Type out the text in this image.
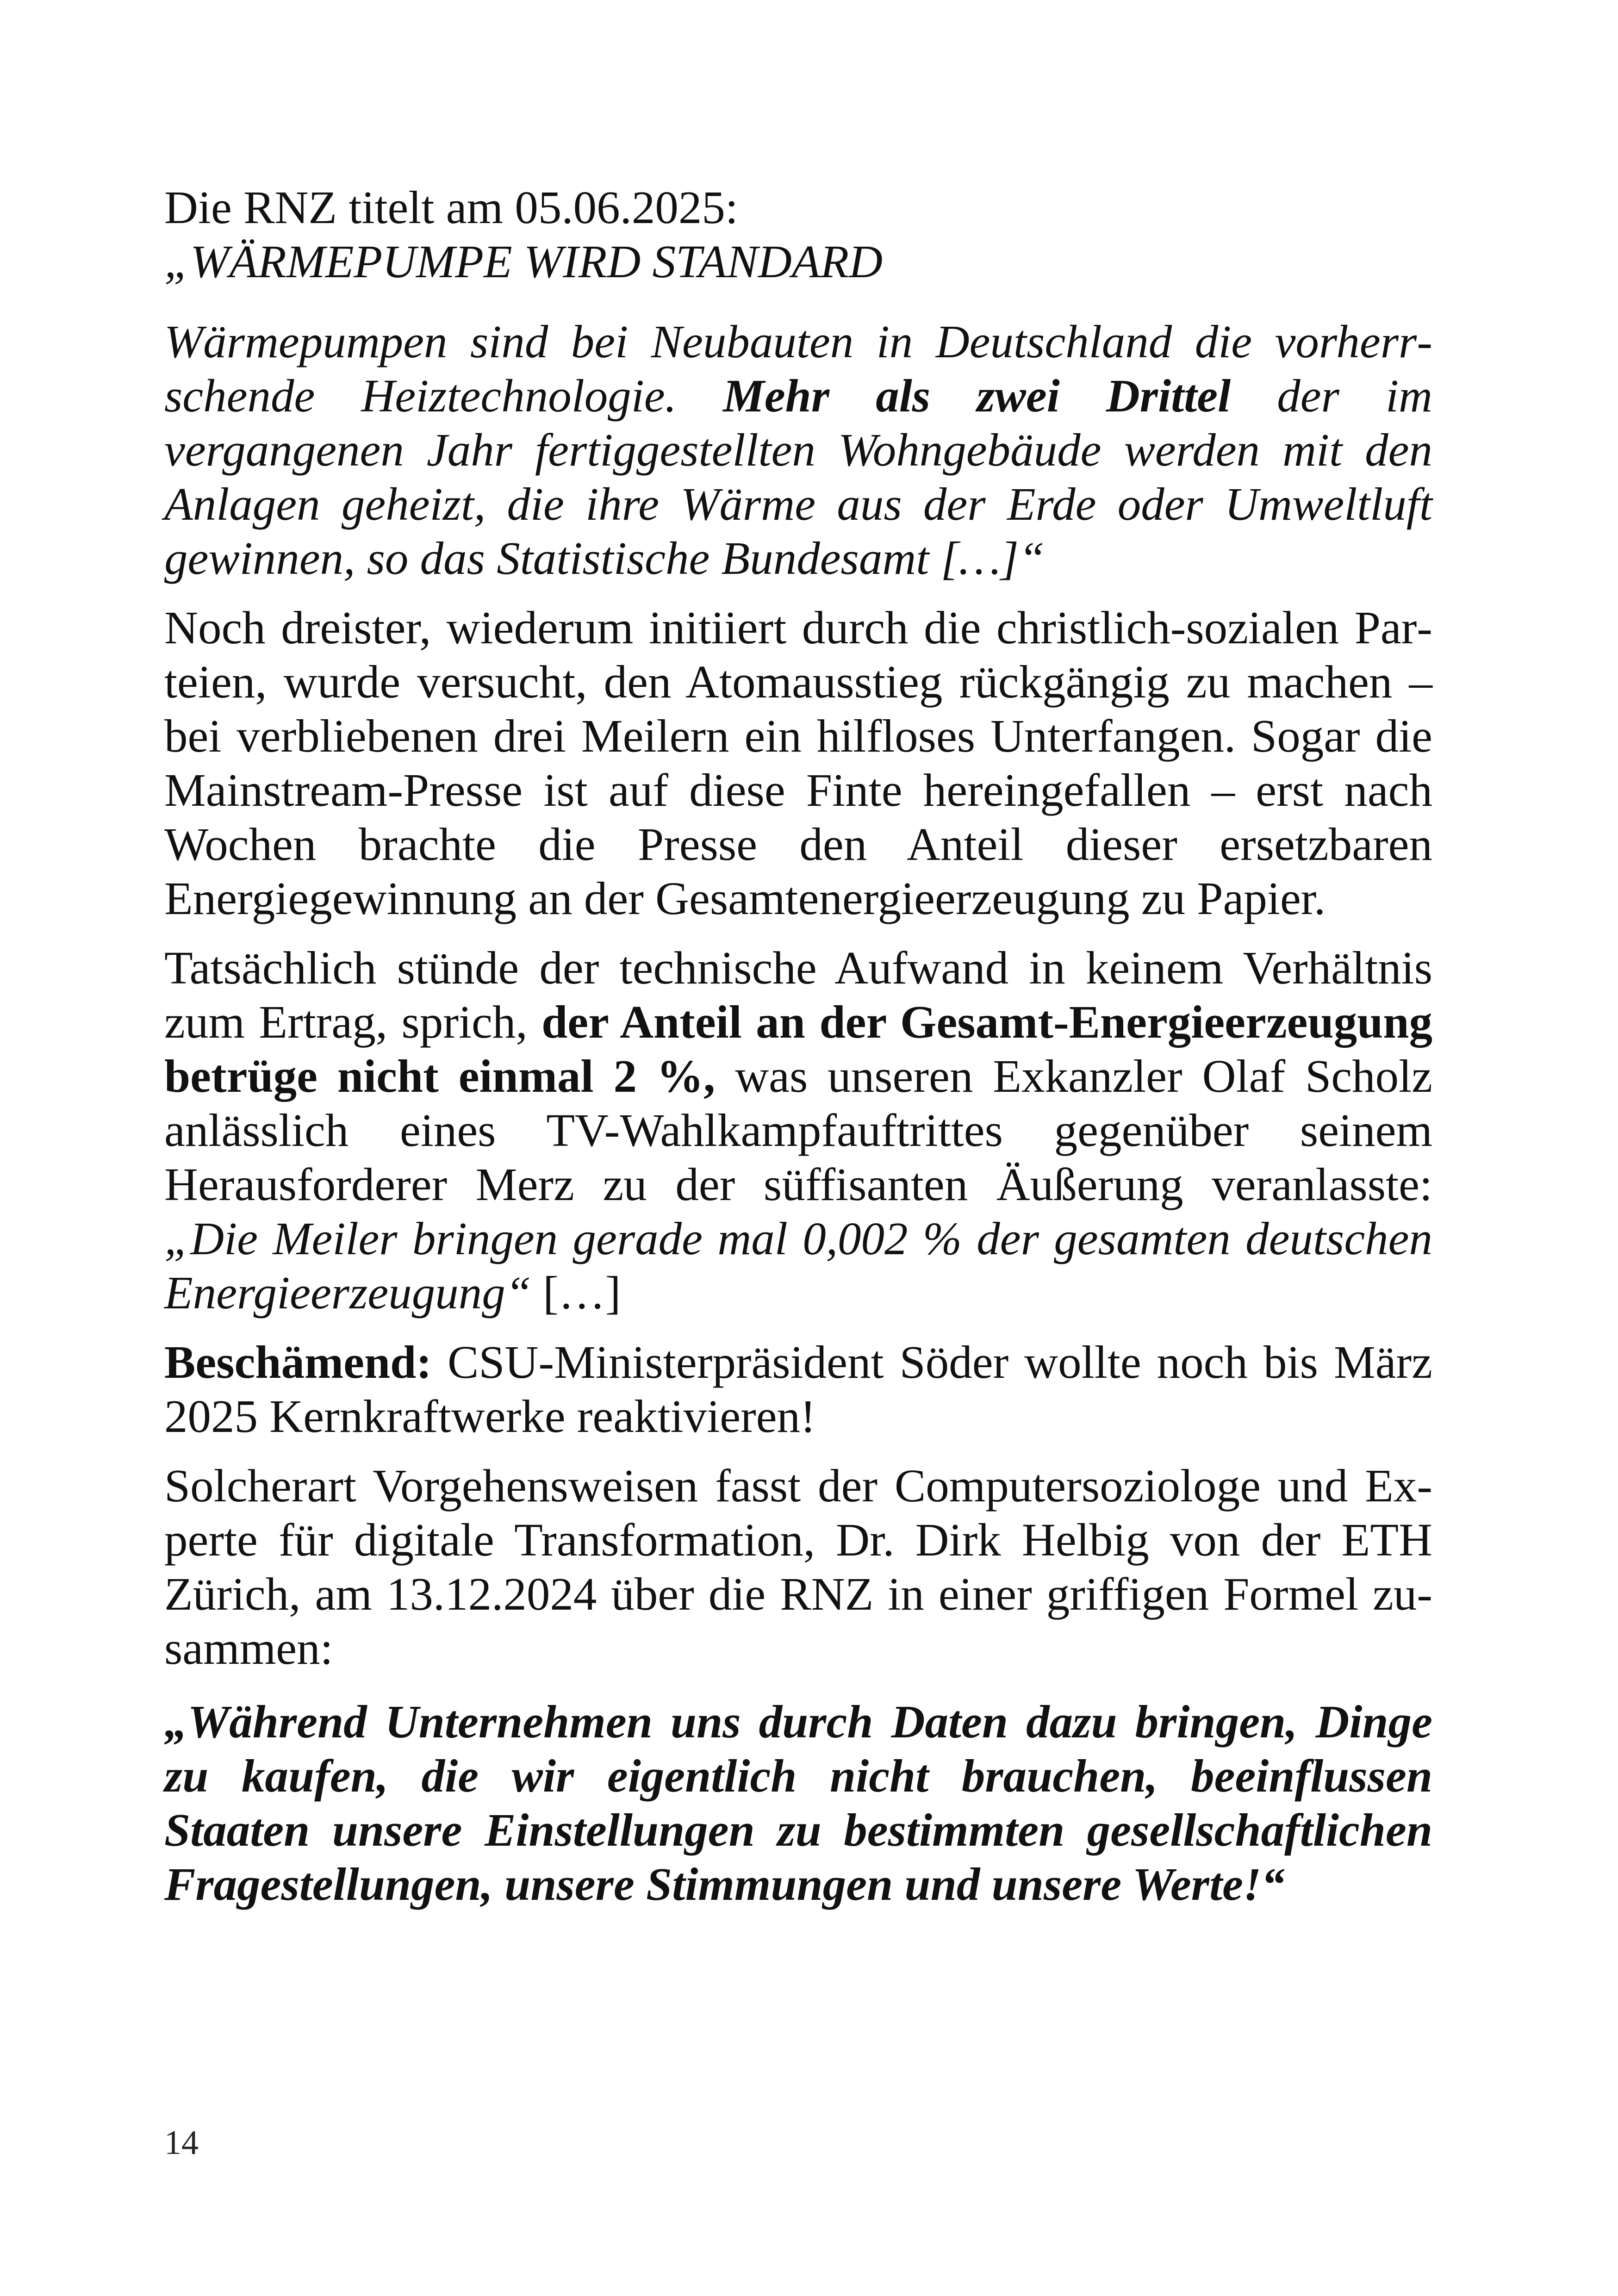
Die RNZ titelt am 05.06.2025:
„WÄRMEPUMPE WIRD STANDARD

Wärmepumpen sind bei Neubauten in Deutschland die vorherrschende Heiztechnologie. Mehr als zwei Drittel der im vergangenen Jahr fertiggestellten Wohngebäude werden mit den Anlagen geheizt, die ihre Wärme aus der Erde oder Umweltluft gewinnen, so das Statistische Bundesamt […]“

Noch dreister, wiederum initiiert durch die christlich-sozialen Parteien, wurde versucht, den Atomausstieg rückgängig zu machen – bei verbliebenen drei Meilern ein hilfloses Unterfangen. Sogar die Mainstream-Presse ist auf diese Finte hereingefallen – erst nach Wochen brachte die Presse den Anteil dieser ersetzbaren Energiegewinnung an der Gesamtenergieerzeugung zu Papier.

Tatsächlich stünde der technische Aufwand in keinem Verhältnis zum Ertrag, sprich, der Anteil an der Gesamt-Energieerzeugung betrüge nicht einmal 2 %, was unseren Exkanzler Olaf Scholz anlässlich eines TV-Wahlkampfauftrittes gegenüber seinem Herausforderer Merz zu der süffisanten Äußerung veranlasste: „Die Meiler bringen gerade mal 0,002 % der gesamten deutschen Energieerzeugung“ […]

Beschämend: CSU-Ministerpräsident Söder wollte noch bis März 2025 Kernkraftwerke reaktivieren!

Solcherart Vorgehensweisen fasst der Computersoziologe und Experte für digitale Transformation, Dr. Dirk Helbig von der ETH Zürich, am 13.12.2024 über die RNZ in einer griffigen Formel zusammen:

„Während Unternehmen uns durch Daten dazu bringen, Dinge zu kaufen, die wir eigentlich nicht brauchen, beeinflussen Staaten unsere Einstellungen zu bestimmten gesellschaftlichen Fragestellungen, unsere Stimmungen und unsere Werte!“

14
